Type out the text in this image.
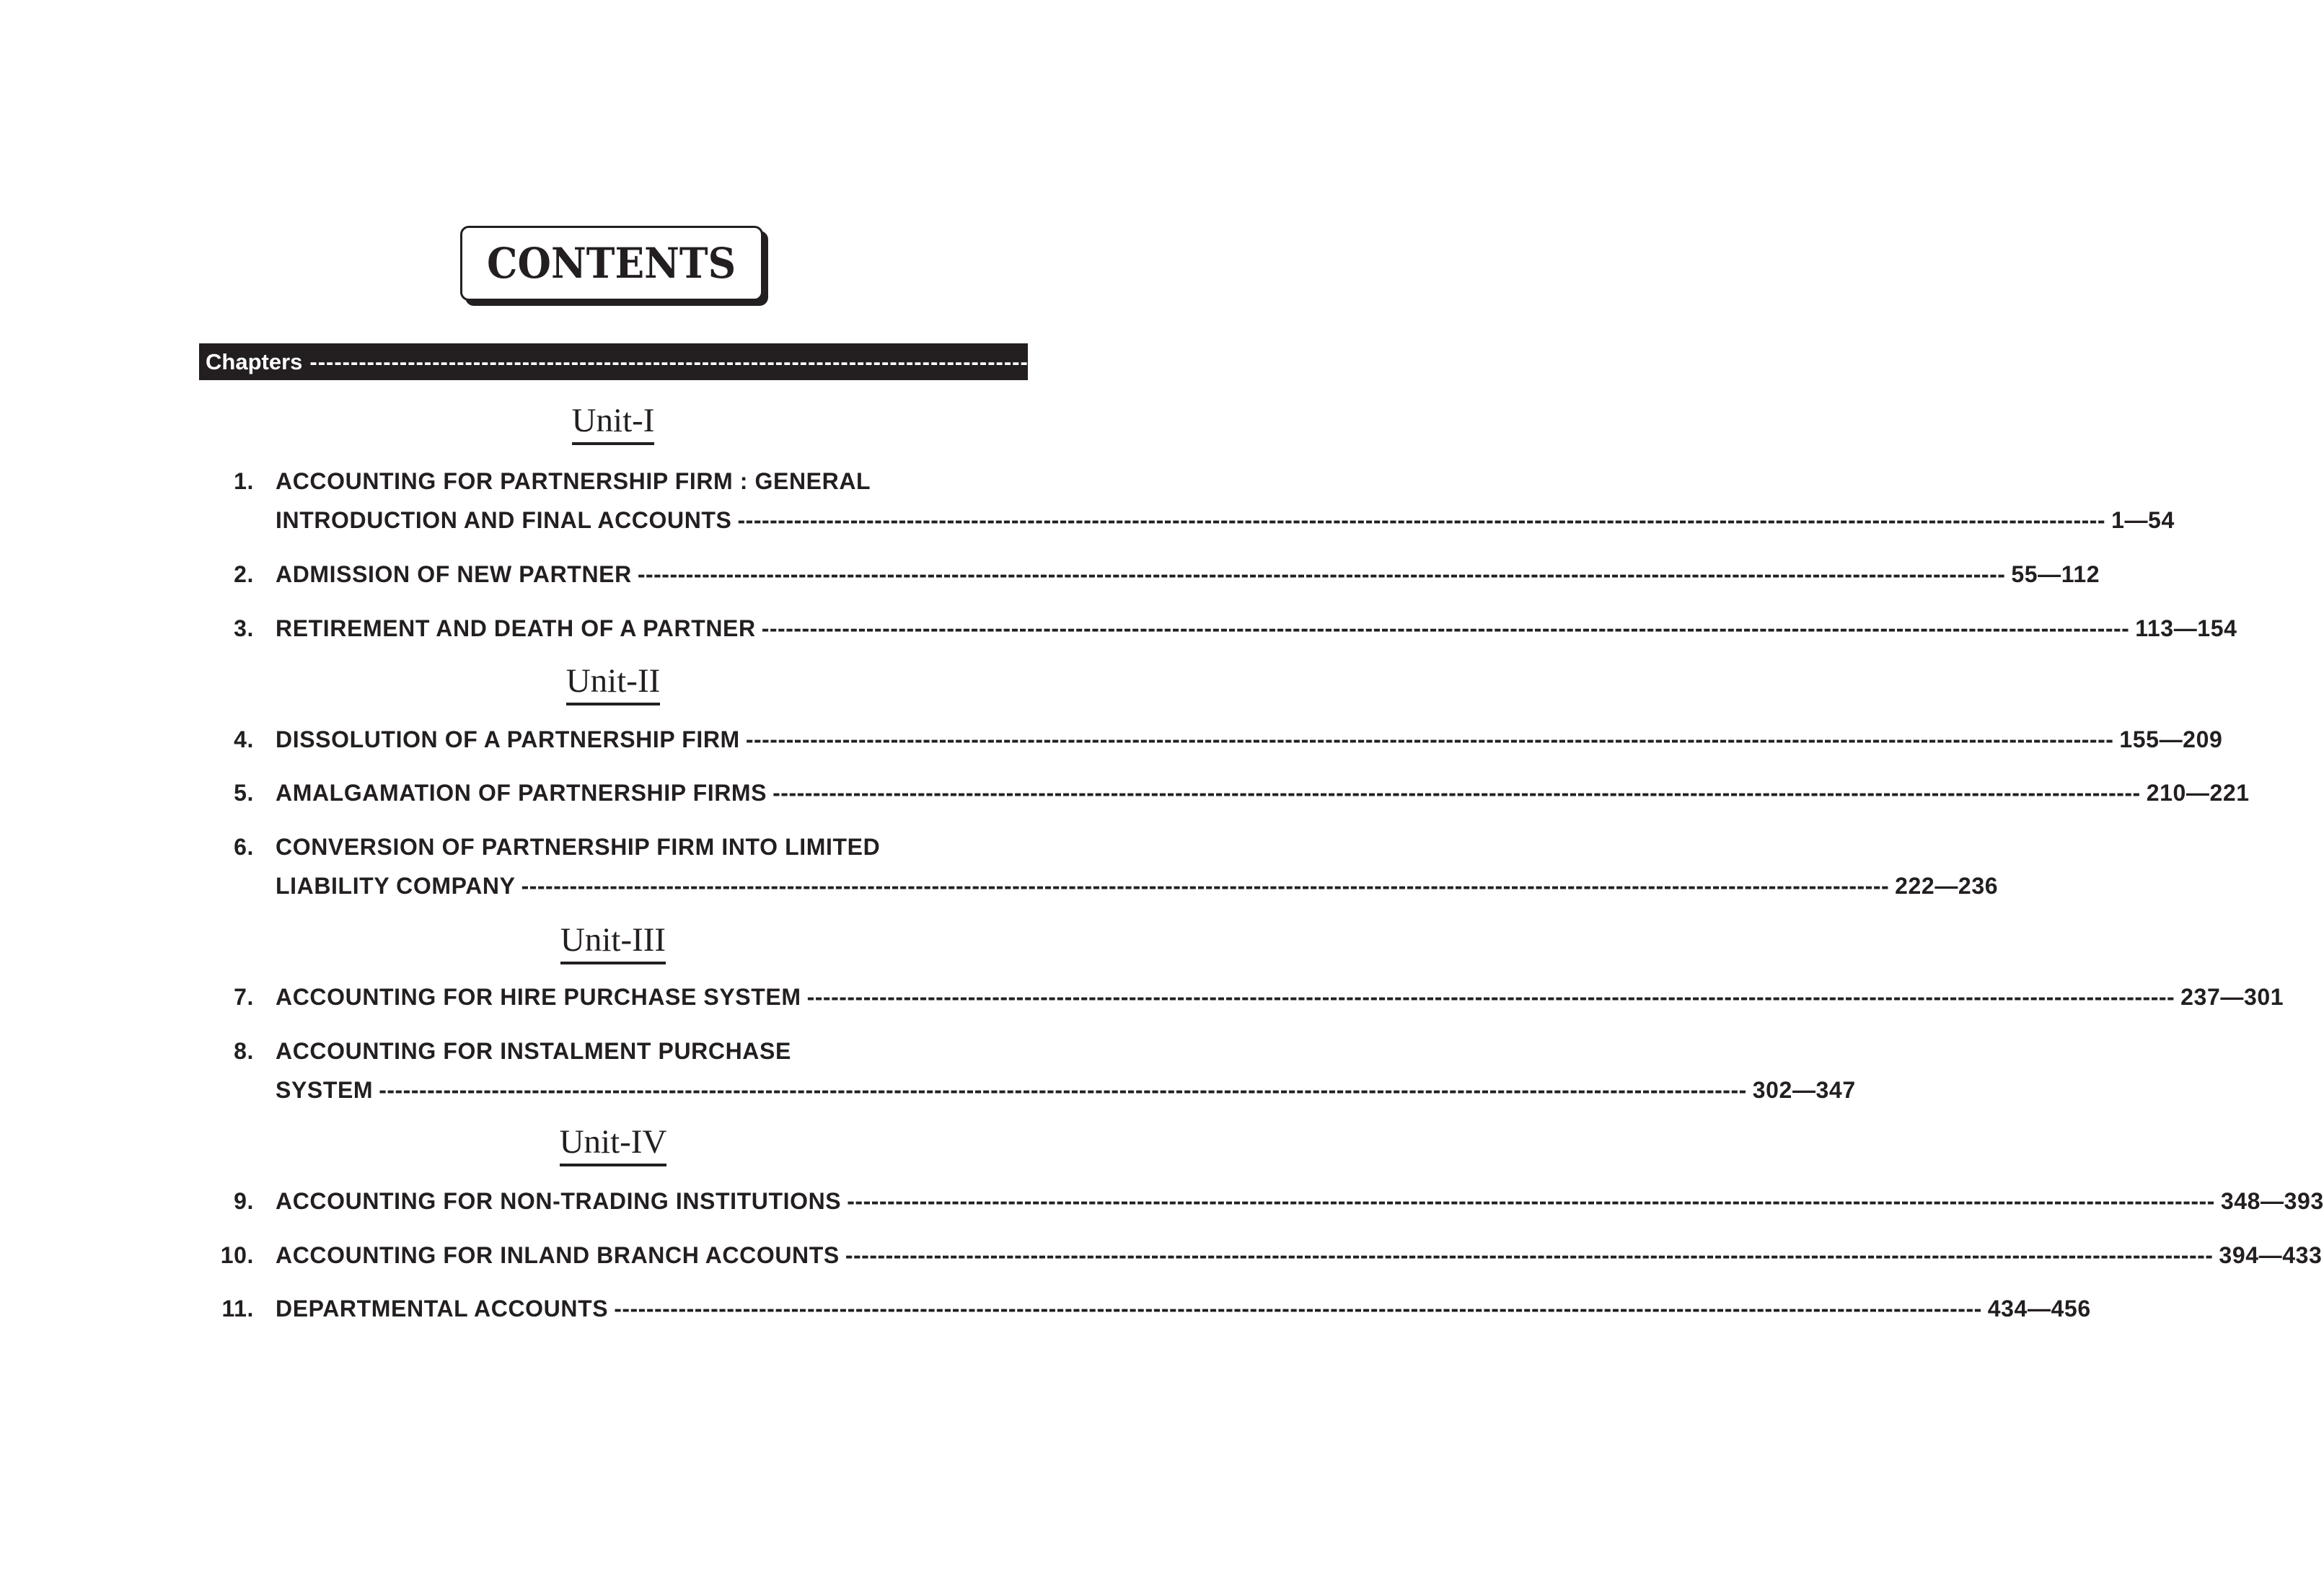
CONTENTS
Chapters --------------------------------------------------------------------------------------------------------------------------------------------------------------------------
Page No.
Unit-I
1. ACCOUNTING FOR PARTNERSHIP FIRM : GENERAL
INTRODUCTION AND FINAL ACCOUNTS -------------------------------------------------------------------------------------------------------------------------------------------------------------------------- 1—54
2. ADMISSION OF NEW PARTNER -------------------------------------------------------------------------------------------------------------------------------------------------------------------------- 55—112
3. RETIREMENT AND DEATH OF A PARTNER -------------------------------------------------------------------------------------------------------------------------------------------------------------------------- 113—154
Unit-II
4. DISSOLUTION OF A PARTNERSHIP FIRM -------------------------------------------------------------------------------------------------------------------------------------------------------------------------- 155—209
5. AMALGAMATION OF PARTNERSHIP FIRMS -------------------------------------------------------------------------------------------------------------------------------------------------------------------------- 210—221
6. CONVERSION OF PARTNERSHIP FIRM INTO LIMITED
LIABILITY COMPANY -------------------------------------------------------------------------------------------------------------------------------------------------------------------------- 222—236
Unit-III
7. ACCOUNTING FOR HIRE PURCHASE SYSTEM -------------------------------------------------------------------------------------------------------------------------------------------------------------------------- 237—301
8. ACCOUNTING FOR INSTALMENT PURCHASE
SYSTEM -------------------------------------------------------------------------------------------------------------------------------------------------------------------------- 302—347
Unit-IV
9. ACCOUNTING FOR NON-TRADING INSTITUTIONS -------------------------------------------------------------------------------------------------------------------------------------------------------------------------- 348—393
10. ACCOUNTING FOR INLAND BRANCH ACCOUNTS -------------------------------------------------------------------------------------------------------------------------------------------------------------------------- 394—433
11. DEPARTMENTAL ACCOUNTS -------------------------------------------------------------------------------------------------------------------------------------------------------------------------- 434—456
